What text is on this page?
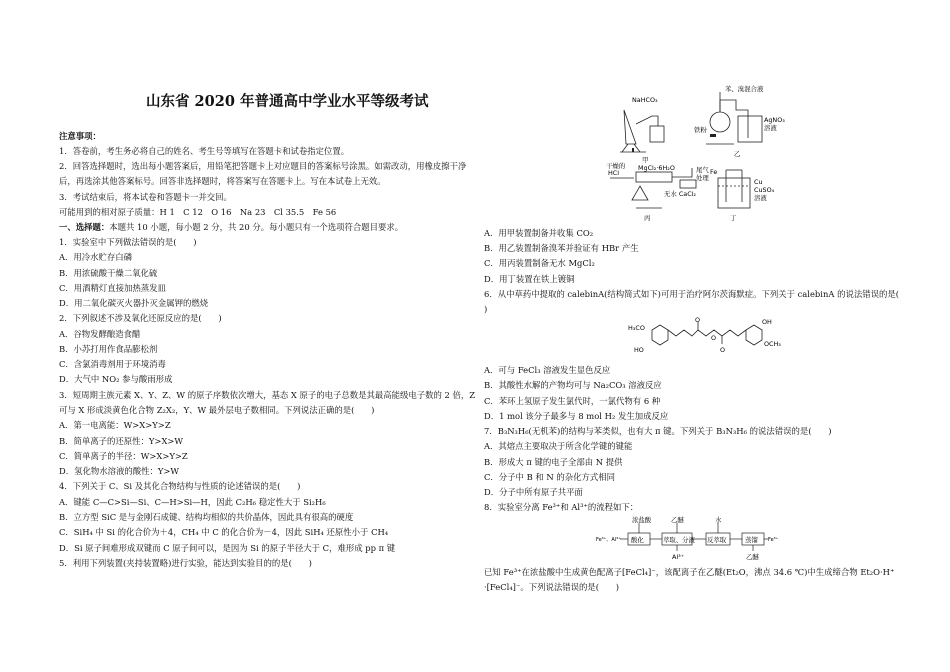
山东省 2020 年普通高中学业水平等级考试
注意事项：
1．答卷前，考生务必将自己的姓名、考生号等填写在答题卡和试卷指定位置。
2．回答选择题时，选出每小题答案后，用铅笔把答题卡上对应题目的答案标号涂黑。如需改动，用橡皮擦干净
后，再选涂其他答案标号。回答非选择题时，将答案写在答题卡上。写在本试卷上无效。
3．考试结束后，将本试卷和答题卡一并交回。
可能用到的相对原子质量：H 1　C 12　O 16　Na 23　Cl 35.5　Fe 56
一、选择题：本题共 10 小题，每小题 2 分，共 20 分。每小题只有一个选项符合题目要求。
1．实验室中下列做法错误的是(　　)
A．用冷水贮存白磷
B．用浓硫酸干燥二氧化硫
C．用酒精灯直接加热蒸发皿
D．用二氧化碳灭火器扑灭金属钾的燃烧
2．下列叙述不涉及氧化还原反应的是(　　)
A．谷物发酵酿造食醋
B．小苏打用作食品膨松剂
C．含氯消毒剂用于环境消毒
D．大气中 NO₂ 参与酸雨形成
3．短周期主族元素 X、Y、Z、W 的原子序数依次增大，基态 X 原子的电子总数是其最高能级电子数的 2 倍，Z
可与 X 形成淡黄色化合物 Z₂X₂，Y、W 最外层电子数相同。下列说法正确的是(　　)
A．第一电离能：W>X>Y>Z
B．简单离子的还原性：Y>X>W
C．简单离子的半径：W>X>Y>Z
D．氢化物水溶液的酸性：Y>W
4．下列关于 C、Si 及其化合物结构与性质的论述错误的是(　　)
A．键能 C—C>Si—Si、C—H>Si—H，因此 C₂H₆ 稳定性大于 Si₂H₆
B．立方型 SiC 是与金刚石成键、结构均相似的共价晶体，因此具有很高的硬度
C．SiH₄ 中 Si 的化合价为＋4，CH₄ 中 C 的化合价为－4，因此 SiH₄ 还原性小于 CH₄
D．Si 原子间难形成双键而 C 原子间可以，是因为 Si 的原子半径大于 C，难形成 pp π 键
5．利用下列装置(夹持装置略)进行实验，能达到实验目的的是(　　)
NaHCO₃
苯、溴混合液
铁粉
AgNO₃
溶液
甲
乙
干燥的
HCl
MgCl₂·6H₂O	尾气
处理
无水 CaCl₂
丙
Fe
Cu
CuSO₄
溶液
丁
A．用甲装置制备并收集 CO₂
B．用乙装置制备溴苯并验证有 HBr 产生
C．用丙装置制备无水 MgCl₂
D．用丁装置在铁上镀铜
6．从中草药中提取的 calebinA(结构简式如下)可用于治疗阿尔茨海默症。下列关于 calebinA 的说法错误的是(
)
H₃CO
HO
O
O
O
OH
OCH₃
A．可与 FeCl₃ 溶液发生显色反应
B．其酸性水解的产物均可与 Na₂CO₃ 溶液反应
C．苯环上氢原子发生氯代时，一氯代物有 6 种
D．1 mol 该分子最多与 8 mol H₂ 发生加成反应
7．B₃N₃H₆(无机苯)的结构与苯类似，也有大 π 键。下列关于 B₃N₃H₆ 的说法错误的是(　　)
A．其熔点主要取决于所含化学键的键能
B．形成大 π 键的电子全部由 N 提供
C．分子中 B 和 N 的杂化方式相同
D．分子中所有原子共平面
8．实验室分离 Fe³⁺和 Al³⁺的流程如下：
Fe³⁺、Al³⁺ 酸化	萃取、分液 反萃取	蒸馏 Fe³⁺
浓盐酸	乙醚	水
Al³⁺	乙醚
已知 Fe³⁺在浓盐酸中生成黄色配离子[FeCl₄]⁻，该配离子在乙醚(Et₂O，沸点 34.6 ℃)中生成缔合物 Et₂O·H⁺
·[FeCl₄]⁻。下列说法错误的是(　　)
